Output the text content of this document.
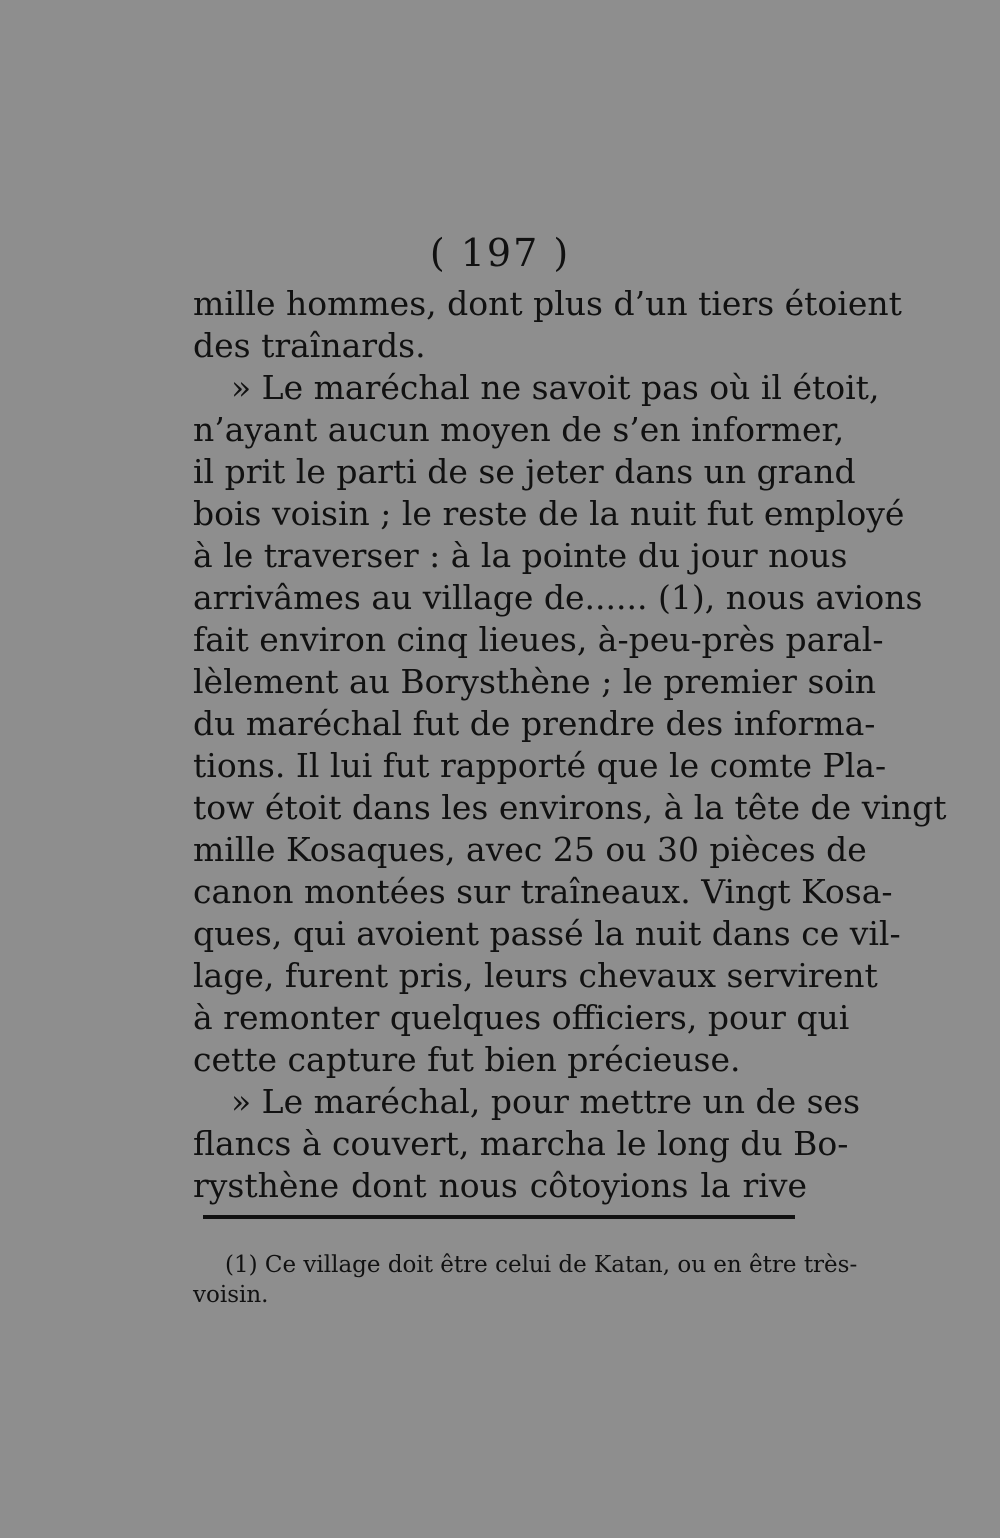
( 197 )
mille hommes, dont plus d’un tiers étoient
des traînards.
» Le maréchal ne savoit pas où il étoit,
n’ayant aucun moyen de s’en informer,
il prit le parti de se jeter dans un grand
bois voisin ; le reste de la nuit fut employé
à le traverser : à la pointe du jour nous
arrivâmes au village de...... (1), nous avions
fait environ cinq lieues, à-peu-près paral-
lèlement au Borysthène ; le premier soin
du maréchal fut de prendre des informa-
tions. Il lui fut rapporté que le comte Pla-
tow étoit dans les environs, à la tête de vingt
mille Kosaques, avec 25 ou 30 pièces de
canon montées sur traîneaux. Vingt Kosa-
ques, qui avoient passé la nuit dans ce vil-
lage, furent pris, leurs chevaux servirent
à remonter quelques officiers, pour qui
cette capture fut bien précieuse.
» Le maréchal, pour mettre un de ses
flancs à couvert, marcha le long du Bo-
rysthène dont nous côtoyions la rive
(1) Ce village doit être celui de Katan, ou en être très-
voisin.
